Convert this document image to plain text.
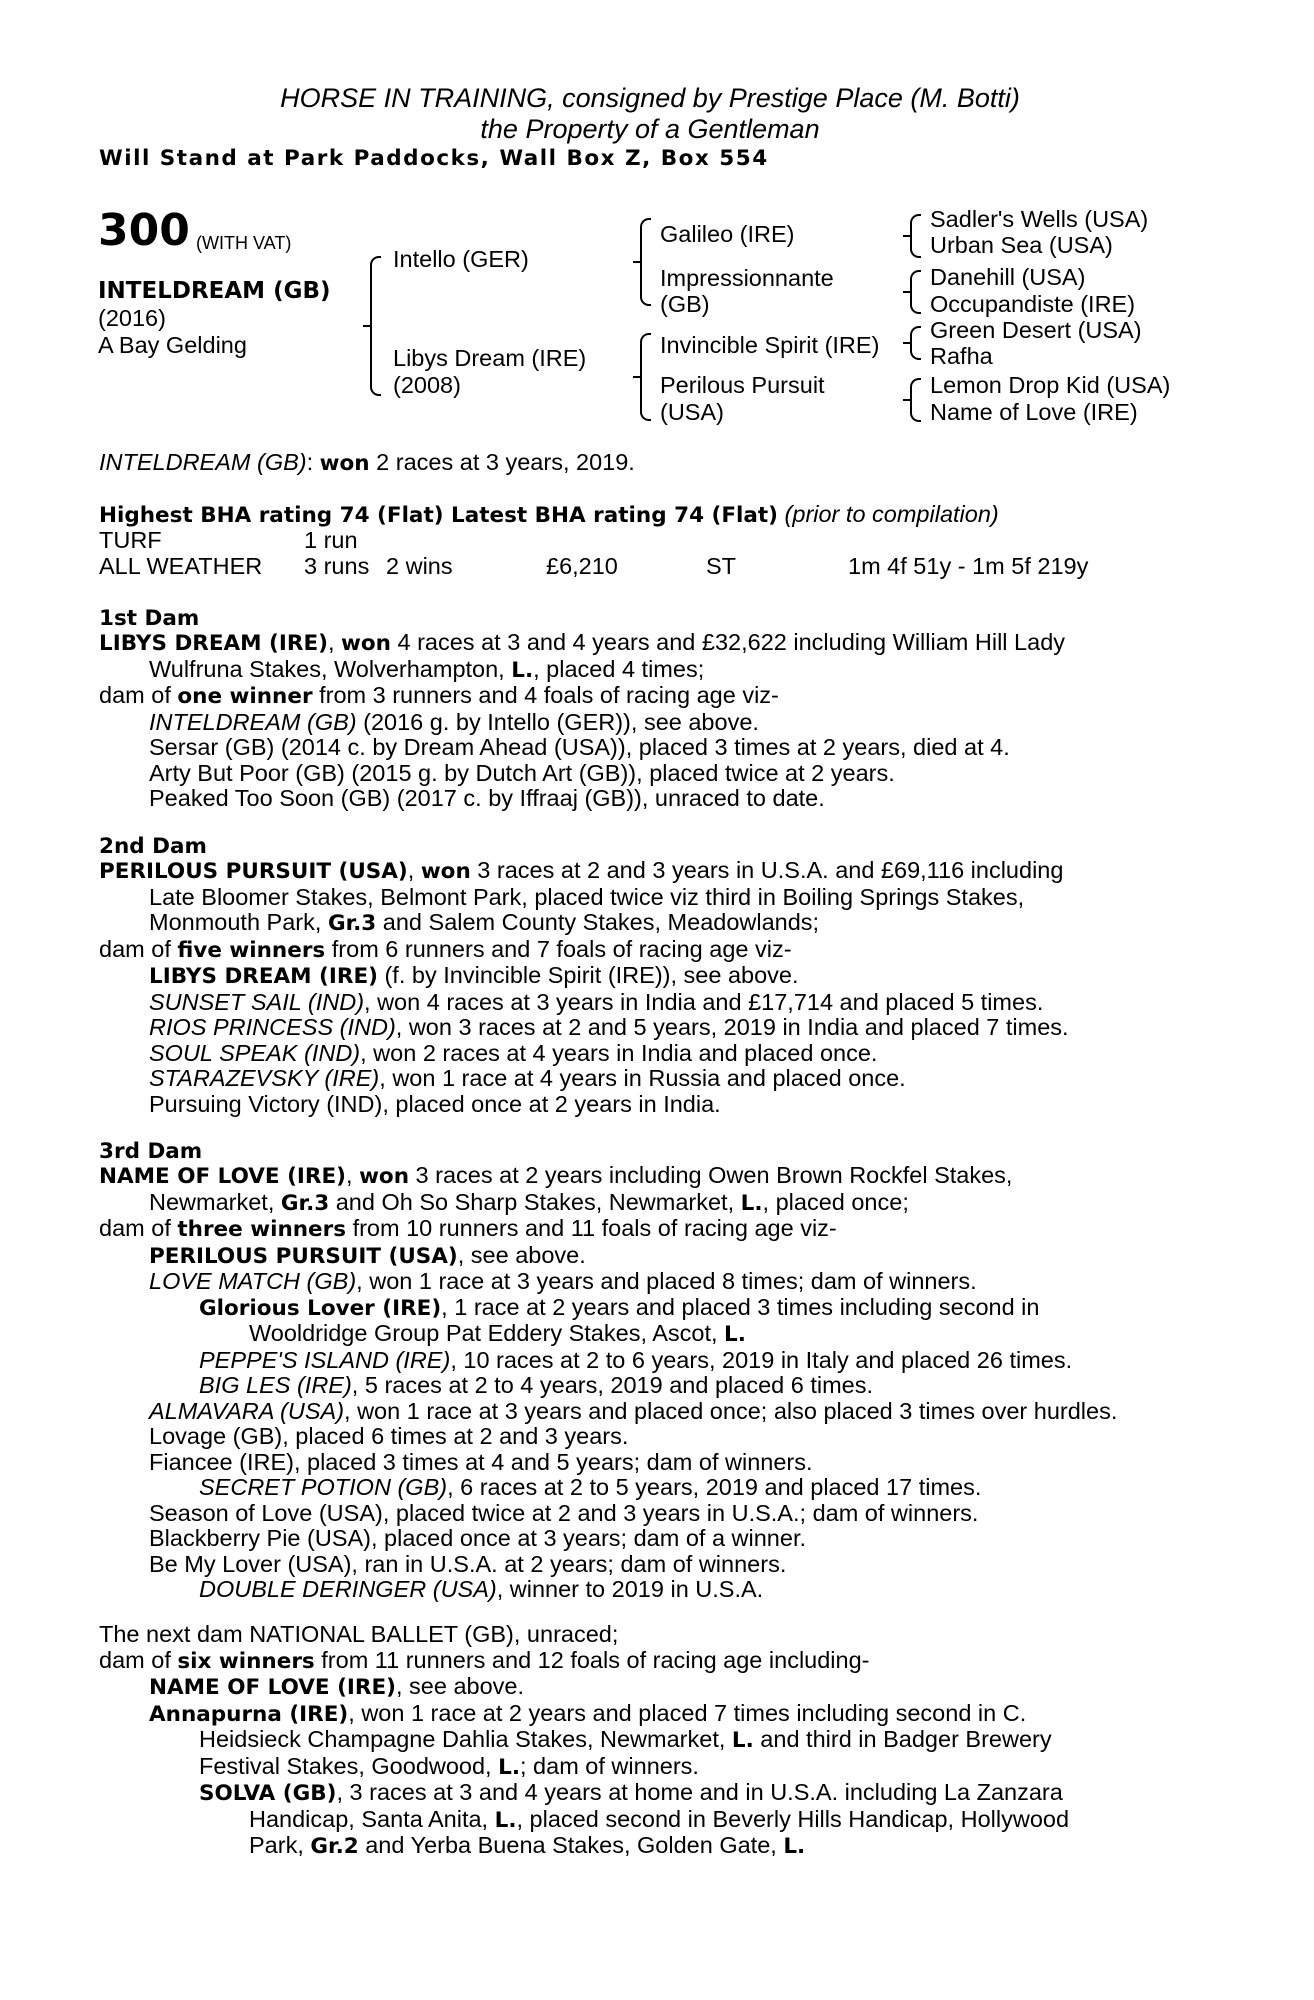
HORSE IN TRAINING, consigned by Prestige Place (M. Botti)
the Property of a Gentleman
Will Stand at Park Paddocks, Wall Box Z, Box 554
300 (WITH VAT)
INTELDREAM (GB)
(2016)
A Bay Gelding
Intello (GER)
Libys Dream (IRE)
(2008)
Galileo (IRE)
Impressionnante
(GB)
Invincible Spirit (IRE)
Perilous Pursuit
(USA)
Sadler's Wells (USA)
Urban Sea (USA)
Danehill (USA)
Occupandiste (IRE)
Green Desert (USA)
Rafha
Lemon Drop Kid (USA)
Name of Love (IRE)
INTELDREAM (GB): won 2 races at 3 years, 2019.
Highest BHA rating 74 (Flat) Latest BHA rating 74 (Flat) (prior to compilation)
TURF	1 run
ALL WEATHER 3 runs 2 wins	£6,210	ST	1m 4f 51y - 1m 5f 219y
1st Dam
LIBYS DREAM (IRE), won 4 races at 3 and 4 years and £32,622 including William Hill Lady
Wulfruna Stakes, Wolverhampton, L., placed 4 times;
dam of one winner from 3 runners and 4 foals of racing age viz-
INTELDREAM (GB) (2016 g. by Intello (GER)), see above.
Sersar (GB) (2014 c. by Dream Ahead (USA)), placed 3 times at 2 years, died at 4.
Arty But Poor (GB) (2015 g. by Dutch Art (GB)), placed twice at 2 years.
Peaked Too Soon (GB) (2017 c. by Iffraaj (GB)), unraced to date.
2nd Dam
PERILOUS PURSUIT (USA), won 3 races at 2 and 3 years in U.S.A. and £69,116 including
Late Bloomer Stakes, Belmont Park, placed twice viz third in Boiling Springs Stakes,
Monmouth Park, Gr.3 and Salem County Stakes, Meadowlands;
dam of five winners from 6 runners and 7 foals of racing age viz-
LIBYS DREAM (IRE) (f. by Invincible Spirit (IRE)), see above.
SUNSET SAIL (IND), won 4 races at 3 years in India and £17,714 and placed 5 times.
RIOS PRINCESS (IND), won 3 races at 2 and 5 years, 2019 in India and placed 7 times.
SOUL SPEAK (IND), won 2 races at 4 years in India and placed once.
STARAZEVSKY (IRE), won 1 race at 4 years in Russia and placed once.
Pursuing Victory (IND), placed once at 2 years in India.
3rd Dam
NAME OF LOVE (IRE), won 3 races at 2 years including Owen Brown Rockfel Stakes,
Newmarket, Gr.3 and Oh So Sharp Stakes, Newmarket, L., placed once;
dam of three winners from 10 runners and 11 foals of racing age viz-
PERILOUS PURSUIT (USA), see above.
LOVE MATCH (GB), won 1 race at 3 years and placed 8 times; dam of winners.
Glorious Lover (IRE), 1 race at 2 years and placed 3 times including second in
Wooldridge Group Pat Eddery Stakes, Ascot, L.
PEPPE'S ISLAND (IRE), 10 races at 2 to 6 years, 2019 in Italy and placed 26 times.
BIG LES (IRE), 5 races at 2 to 4 years, 2019 and placed 6 times.
ALMAVARA (USA), won 1 race at 3 years and placed once; also placed 3 times over hurdles.
Lovage (GB), placed 6 times at 2 and 3 years.
Fiancee (IRE), placed 3 times at 4 and 5 years; dam of winners.
SECRET POTION (GB), 6 races at 2 to 5 years, 2019 and placed 17 times.
Season of Love (USA), placed twice at 2 and 3 years in U.S.A.; dam of winners.
Blackberry Pie (USA), placed once at 3 years; dam of a winner.
Be My Lover (USA), ran in U.S.A. at 2 years; dam of winners.
DOUBLE DERINGER (USA), winner to 2019 in U.S.A.
The next dam NATIONAL BALLET (GB), unraced;
dam of six winners from 11 runners and 12 foals of racing age including-
NAME OF LOVE (IRE), see above.
Annapurna (IRE), won 1 race at 2 years and placed 7 times including second in C.
Heidsieck Champagne Dahlia Stakes, Newmarket, L. and third in Badger Brewery
Festival Stakes, Goodwood, L.; dam of winners.
SOLVA (GB), 3 races at 3 and 4 years at home and in U.S.A. including La Zanzara
Handicap, Santa Anita, L., placed second in Beverly Hills Handicap, Hollywood
Park, Gr.2 and Yerba Buena Stakes, Golden Gate, L.
